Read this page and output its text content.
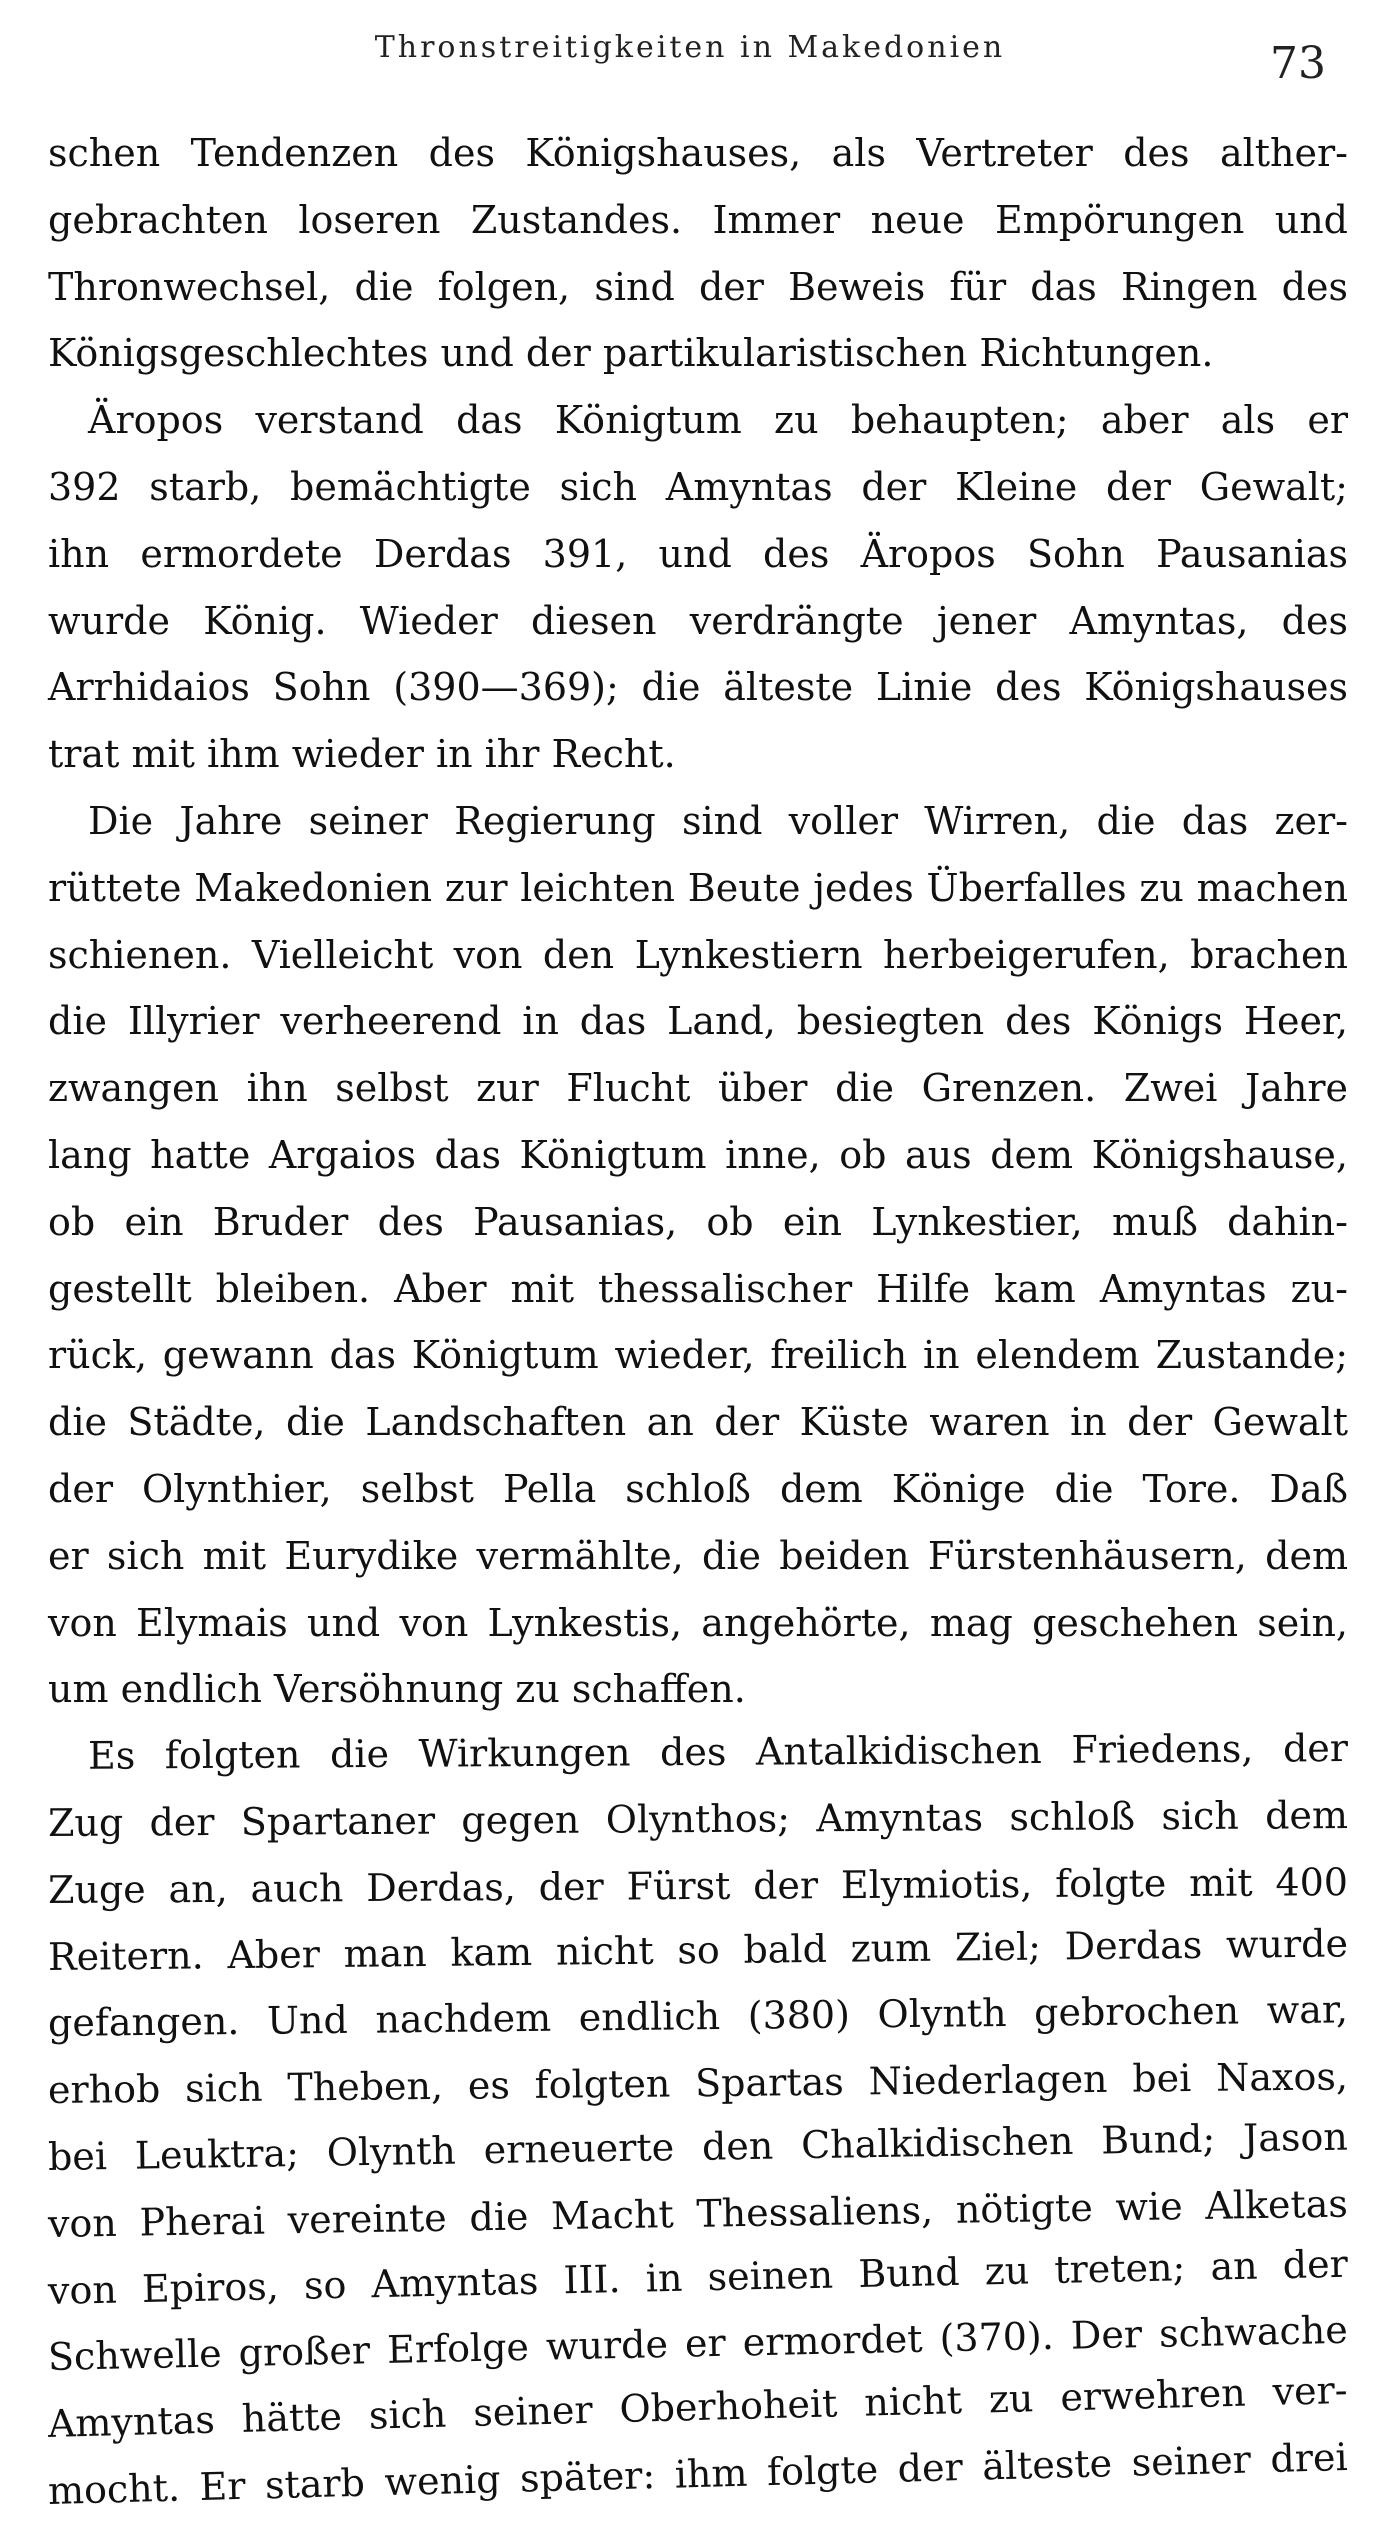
Thronstreitigkeiten in Makedonien	73
schen Tendenzen des Königshauses, als Vertreter des alther-
gebrachten loseren Zustandes. Immer neue Empörungen und
Thronwechsel, die folgen, sind der Beweis für das Ringen des
Königsgeschlechtes und der partikularistischen Richtungen.
Äropos verstand das Königtum zu behaupten; aber als er
392 starb, bemächtigte sich Amyntas der Kleine der Gewalt;
ihn ermordete Derdas 391, und des Äropos Sohn Pausanias
wurde König. Wieder diesen verdrängte jener Amyntas, des
Arrhidaios Sohn (390—369); die älteste Linie des Königshauses
trat mit ihm wieder in ihr Recht.
Die Jahre seiner Regierung sind voller Wirren, die das zer-
rüttete Makedonien zur leichten Beute jedes Überfalles zu machen
schienen. Vielleicht von den Lynkestiern herbeigerufen, brachen
die Illyrier verheerend in das Land, besiegten des Königs Heer,
zwangen ihn selbst zur Flucht über die Grenzen. Zwei Jahre
lang hatte Argaios das Königtum inne, ob aus dem Königshause,
ob ein Bruder des Pausanias, ob ein Lynkestier, muß dahin-
gestellt bleiben. Aber mit thessalischer Hilfe kam Amyntas zu-
rück, gewann das Königtum wieder, freilich in elendem Zustande;
die Städte, die Landschaften an der Küste waren in der Gewalt
der Olynthier, selbst Pella schloß dem Könige die Tore. Daß
er sich mit Eurydike vermählte, die beiden Fürstenhäusern, dem
von Elymais und von Lynkestis, angehörte, mag geschehen sein,
um endlich Versöhnung zu schaffen.
Es folgten die Wirkungen des Antalkidischen Friedens, der
Zug der Spartaner gegen Olynthos; Amyntas schloß sich dem
Zuge an, auch Derdas, der Fürst der Elymiotis, folgte mit 400
Reitern. Aber man kam nicht so bald zum Ziel; Derdas wurde
gefangen. Und nachdem endlich (380) Olynth gebrochen war,
erhob sich Theben, es folgten Spartas Niederlagen bei Naxos,
bei Leuktra; Olynth erneuerte den Chalkidischen Bund; Jason
von Pherai vereinte die Macht Thessaliens, nötigte wie Alketas
von Epiros, so Amyntas III. in seinen Bund zu treten; an der
Schwelle großer Erfolge wurde er ermordet (370). Der schwache
Amyntas hätte sich seiner Oberhoheit nicht zu erwehren ver-
mocht. Er starb wenig später: ihm folgte der älteste seiner drei
